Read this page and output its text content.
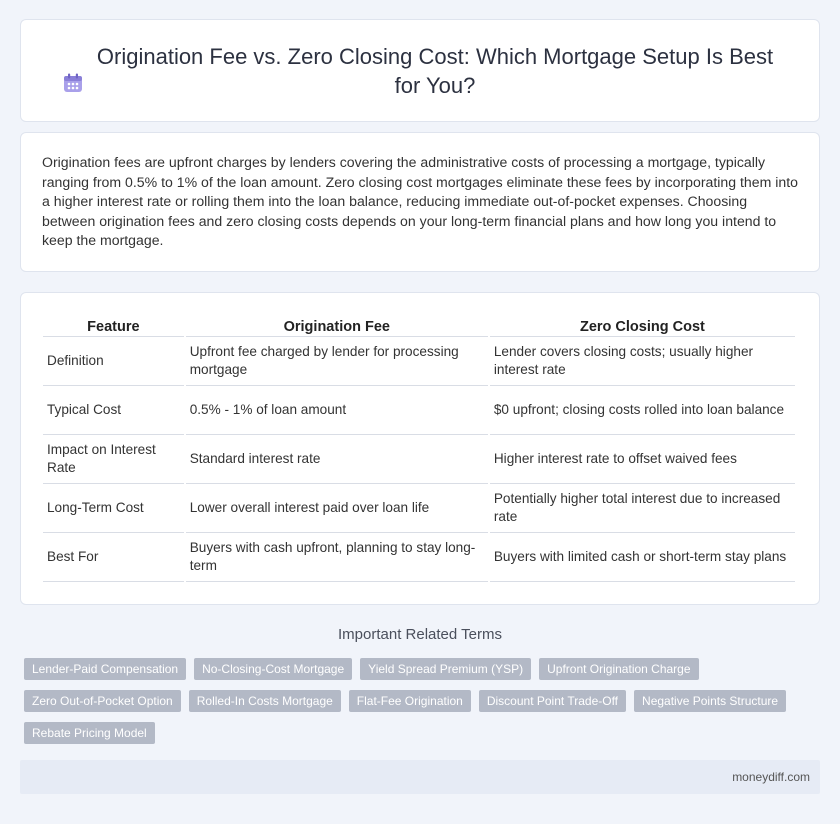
Origination Fee vs. Zero Closing Cost: Which Mortgage Setup Is Best for You?

Origination fees are upfront charges by lenders covering the administrative costs of processing a mortgage, typically ranging from 0.5% to 1% of the loan amount. Zero closing cost mortgages eliminate these fees by incorporating them into a higher interest rate or rolling them into the loan balance, reducing immediate out-of-pocket expenses. Choosing between origination fees and zero closing costs depends on your long-term financial plans and how long you intend to keep the mortgage.

Feature	Origination Fee	Zero Closing Cost
Definition	Upfront fee charged by lender for processing mortgage	Lender covers closing costs; usually higher interest rate
Typical Cost	0.5% - 1% of loan amount	$0 upfront; closing costs rolled into loan balance
Impact on Interest Rate	Standard interest rate	Higher interest rate to offset waived fees
Long-Term Cost	Lower overall interest paid over loan life	Potentially higher total interest due to increased rate
Best For	Buyers with cash upfront, planning to stay long-term	Buyers with limited cash or short-term stay plans
Important Related Terms
Lender-Paid Compensation	No-Closing-Cost Mortgage	Yield Spread Premium (YSP)	Upfront Origination Charge
Zero Out-of-Pocket Option	Rolled-In Costs Mortgage	Flat-Fee Origination	Discount Point Trade-Off	Negative Points Structure
Rebate Pricing Model
moneydiff.com
